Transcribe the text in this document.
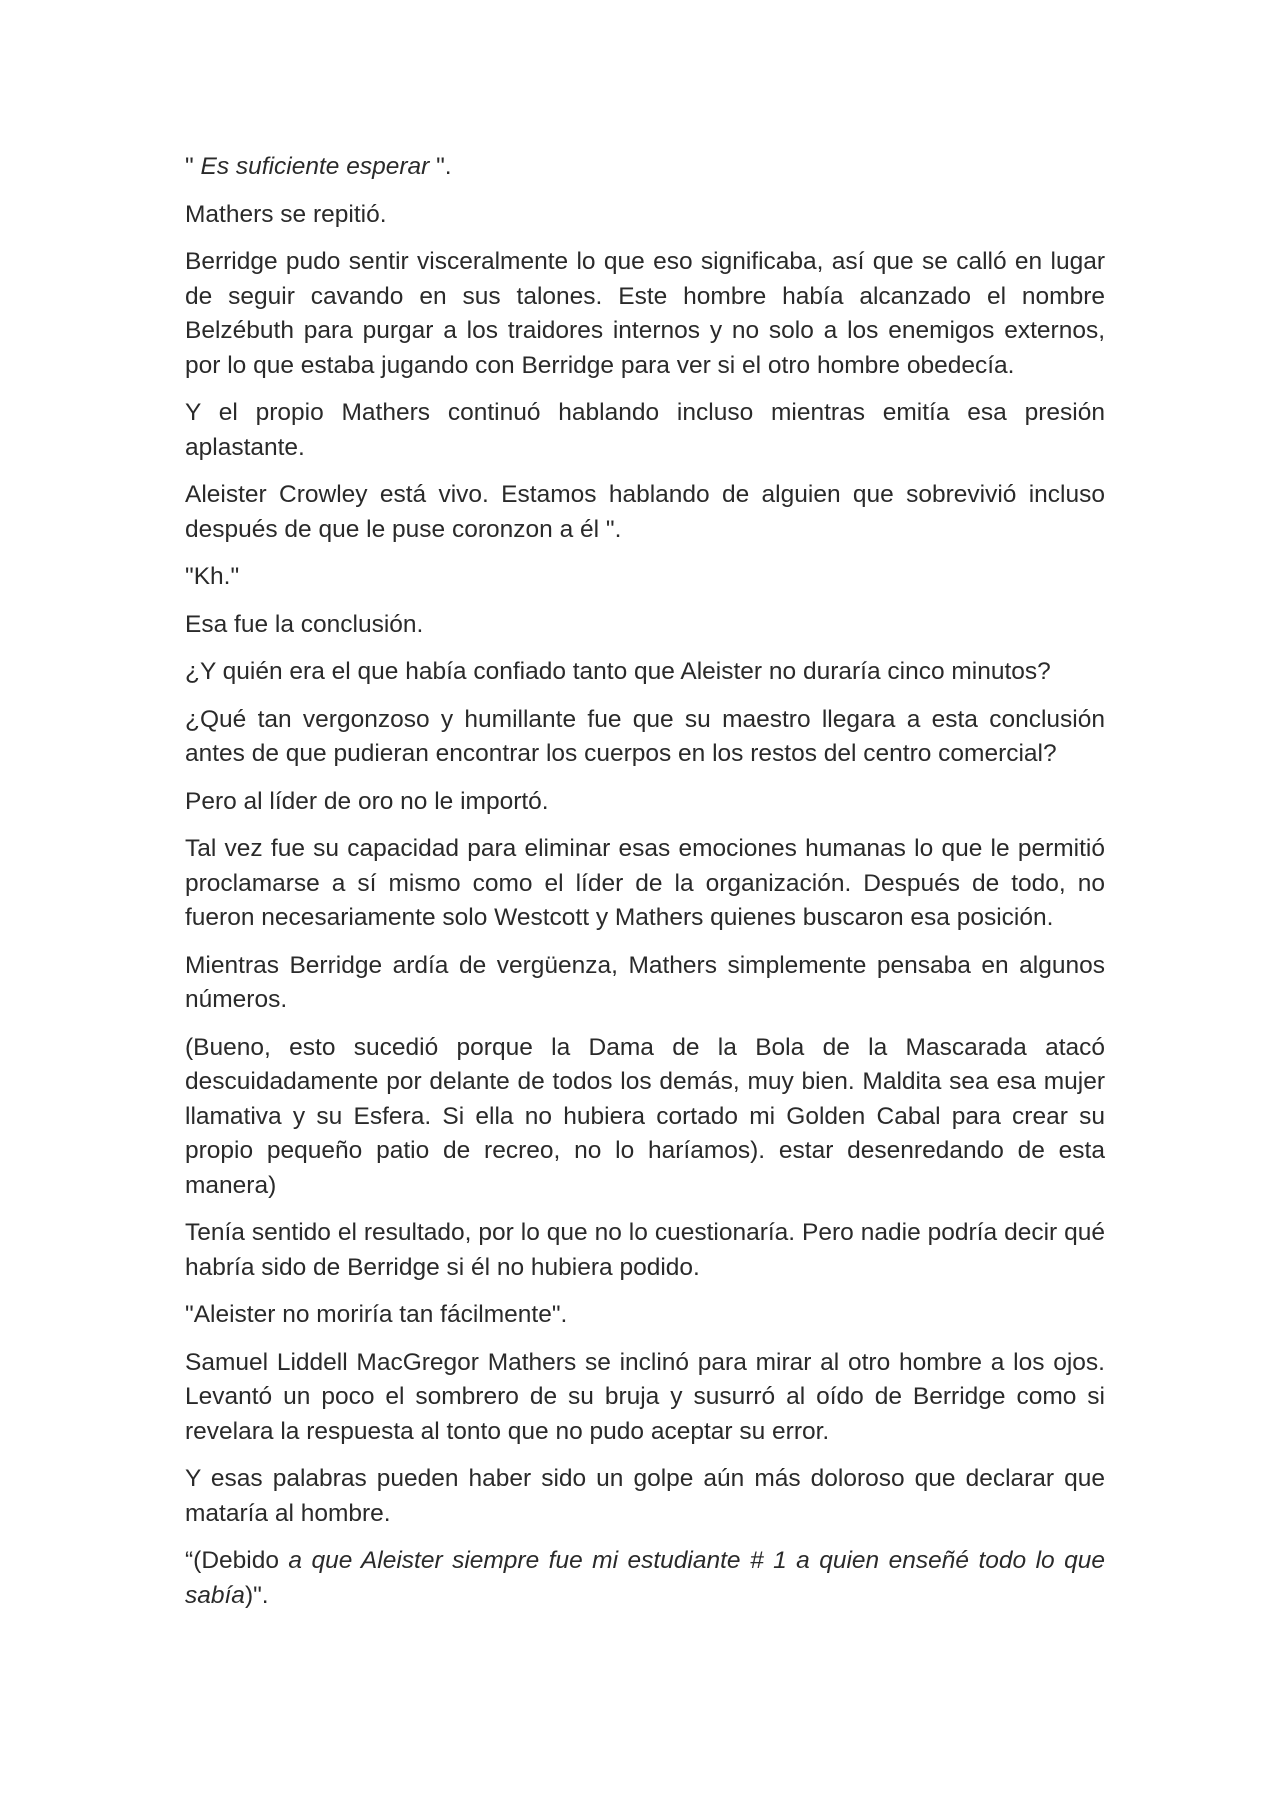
" Es suficiente esperar ".

Mathers se repitió.

Berridge pudo sentir visceralmente lo que eso significaba, así que se calló en lugar de seguir cavando en sus talones. Este hombre había alcanzado el nombre Belzébuth para purgar a los traidores internos y no solo a los enemigos externos, por lo que estaba jugando con Berridge para ver si el otro hombre obedecía.

Y el propio Mathers continuó hablando incluso mientras emitía esa presión aplastante.

Aleister Crowley está vivo. Estamos hablando de alguien que sobrevivió incluso después de que le puse coronzon a él ".

"Kh."

Esa fue la conclusión.

¿Y quién era el que había confiado tanto que Aleister no duraría cinco minutos?

¿Qué tan vergonzoso y humillante fue que su maestro llegara a esta conclusión antes de que pudieran encontrar los cuerpos en los restos del centro comercial?

Pero al líder de oro no le importó.

Tal vez fue su capacidad para eliminar esas emociones humanas lo que le permitió proclamarse a sí mismo como el líder de la organización. Después de todo, no fueron necesariamente solo Westcott y Mathers quienes buscaron esa posición.

Mientras Berridge ardía de vergüenza, Mathers simplemente pensaba en algunos números.

(Bueno, esto sucedió porque la Dama de la Bola de la Mascarada atacó descuidadamente por delante de todos los demás, muy bien. Maldita sea esa mujer llamativa y su Esfera. Si ella no hubiera cortado mi Golden Cabal para crear su propio pequeño patio de recreo, no lo haríamos). estar desenredando de esta manera)

Tenía sentido el resultado, por lo que no lo cuestionaría. Pero nadie podría decir qué habría sido de Berridge si él no hubiera podido.

"Aleister no moriría tan fácilmente".

Samuel Liddell MacGregor Mathers se inclinó para mirar al otro hombre a los ojos. Levantó un poco el sombrero de su bruja y susurró al oído de Berridge como si revelara la respuesta al tonto que no pudo aceptar su error.

Y esas palabras pueden haber sido un golpe aún más doloroso que declarar que mataría al hombre.

“(Debido a que Aleister siempre fue mi estudiante # 1 a quien enseñé todo lo que sabía)".
